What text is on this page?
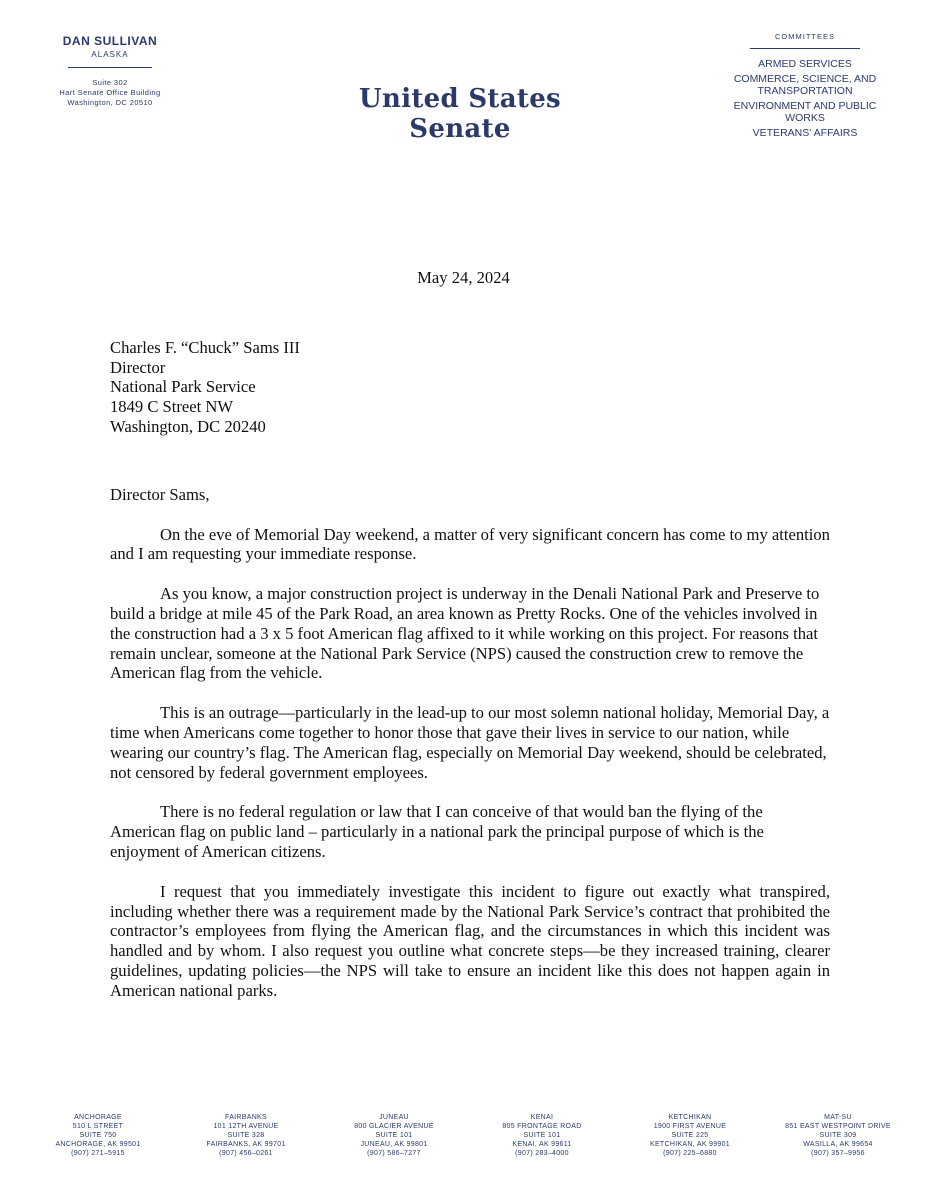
DAN SULLIVAN
ALASKA
Suite 302
Hart Senate Office Building
Washington, DC 20510	United States Senate
COMMITTEES
ARMED SERVICES
COMMERCE, SCIENCE, AND TRANSPORTATION
ENVIRONMENT AND PUBLIC WORKS
VETERANS' AFFAIRS
May 24, 2024

Charles F. “Chuck” Sams III

Director

National Park Service

1849 C Street NW

Washington, DC 20240

Director Sams,

On the eve of Memorial Day weekend, a matter of very significant concern has come to my attention and I am requesting your immediate response.

As you know, a major construction project is underway in the Denali National Park and Preserve to build a bridge at mile 45 of the Park Road, an area known as Pretty Rocks. One of the vehicles involved in the construction had a 3 x 5 foot American flag affixed to it while working on this project. For reasons that remain unclear, someone at the National Park Service (NPS) caused the construction crew to remove the American flag from the vehicle.

This is an outrage—particularly in the lead-up to our most solemn national holiday, Memorial Day, a time when Americans come together to honor those that gave their lives in service to our nation, while wearing our country’s flag. The American flag, especially on Memorial Day weekend, should be celebrated, not censored by federal government employees.

There is no federal regulation or law that I can conceive of that would ban the flying of the American flag on public land – particularly in a national park the principal purpose of which is the enjoyment of American citizens.

I request that you immediately investigate this incident to figure out exactly what transpired, including whether there was a requirement made by the National Park Service’s contract that prohibited the contractor’s employees from flying the American flag, and the circumstances in which this incident was handled and by whom. I also request you outline what concrete steps—be they increased training, clearer guidelines, updating policies—the NPS will take to ensure an incident like this does not happen again in American national parks.

ANCHORAGE
510 L STREET
SUITE 750
ANCHORAGE, AK 99501
(907) 271–5915
FAIRBANKS
101 12TH AVENUE
SUITE 328
FAIRBANKS, AK 99701
(907) 456–0261
JUNEAU
800 GLACIER AVENUE
SUITE 101
JUNEAU, AK 99801
(907) 586–7277
KENAI
805 FRONTAGE ROAD
SUITE 101
KENAI, AK 99611
(907) 283–4000
KETCHIKAN
1900 FIRST AVENUE
SUITE 225
KETCHIKAN, AK 99901
(907) 225–6880
MAT-SU
851 EAST WESTPOINT DRIVE
SUITE 309
WASILLA, AK 99654
(907) 357–9956
